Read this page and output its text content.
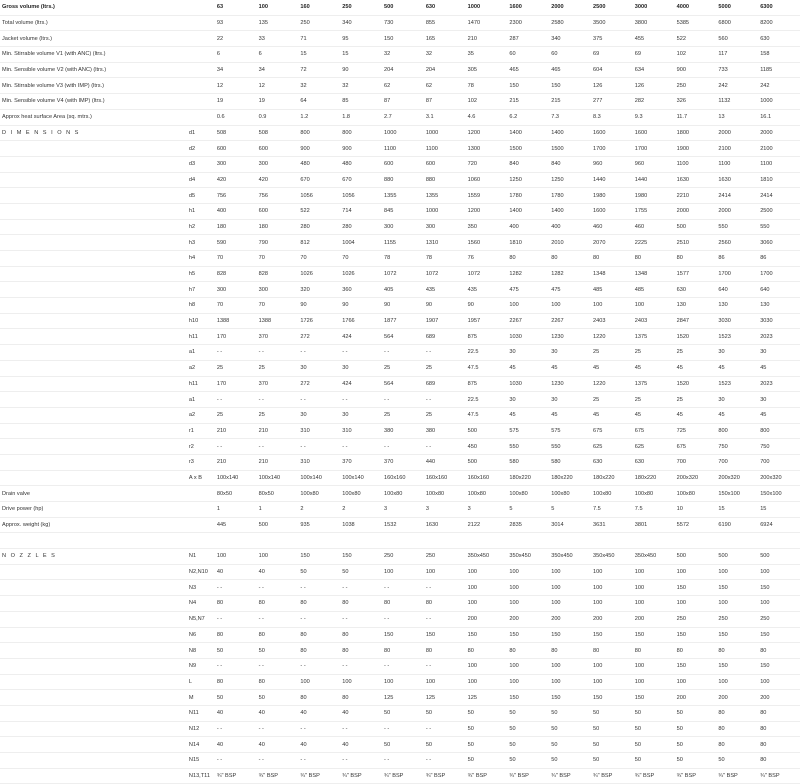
Gross volume (ltrs.)		63	100	160	250	500	630	1000	1600	2000	2500	3000	4000	5000	6300
Total volume (ltrs.)		93	135	250	340	730	855	1470	2300	2580	3500	3800	5385	6800	8200
Jacket volume (ltrs.)		22	33	71	95	150	165	210	287	340	375	455	522	560	630
Min. Stirrable volume V1 (with ANC) (ltrs.)		6	6	15	15	32	32	35	60	60	69	69	102	117	158
Min. Sensible volume V2 (with ANC) (ltrs.)		34	34	72	90	204	204	305	465	465	604	634	900	733	1185
Min. Stirrable volume V3 (with IMP) (ltrs.)		12	12	32	32	62	62	78	150	150	126	126	250	242	242
Min. Sensible volume V4 (with IMP) (ltrs.)		19	19	64	85	87	87	102	215	215	277	282	326	1132	1000
Approx heat surface Area (sq. mtrs.)		0.6	0.9	1.2	1.8	2.7	3.1	4.6	6.2	7.3	8.3	9.3	11.7	13	16.1
D I M E N S I O N S	d1	508	508	800	800	1000	1000	1200	1400	1400	1600	1600	1800	2000	2000
	d2	600	600	900	900	1100	1100	1300	1500	1500	1700	1700	1900	2100	2100
	d3	300	300	480	480	600	600	720	840	840	960	960	1100	1100	1100
	d4	420	420	670	670	880	880	1060	1250	1250	1440	1440	1630	1630	1810
	d5	756	756	1056	1056	1355	1355	1559	1780	1780	1980	1980	2210	2414	2414
	h1	400	600	522	714	845	1000	1200	1400	1400	1600	1755	2000	2000	2500
	h2	180	180	280	280	300	300	350	400	400	460	460	500	550	550
	h3	590	790	812	1004	1155	1310	1560	1810	2010	2070	2225	2510	2560	3060
	h4	70	70	70	70	78	78	76	80	80	80	80	80	86	86
	h5	828	828	1026	1026	1072	1072	1072	1282	1282	1348	1348	1577	1700	1700
	h7	300	300	320	360	405	435	435	475	475	485	485	630	640	640
	h8	70	70	90	90	90	90	90	100	100	100	100	130	130	130
	h10	1388	1388	1726	1766	1877	1907	1957	2267	2267	2403	2403	2847	3030	3030
	h11	170	370	272	424	564	689	875	1030	1230	1220	1375	1520	1523	2023
	a1	- -	- -	- -	- -	- -	- -	22.5	30	30	25	25	25	30	30
	a2	25	25	30	30	25	25	47.5	45	45	45	45	45	45	45
	h11	170	370	272	424	564	689	875	1030	1230	1220	1375	1520	1523	2023
	a1	- -	- -	- -	- -	- -	- -	22.5	30	30	25	25	25	30	30
	a2	25	25	30	30	25	25	47.5	45	45	45	45	45	45	45
	r1	210	210	310	310	380	380	500	575	575	675	675	725	800	800
	r2	- -	- -	- -	- -	- -	- -	450	550	550	625	625	675	750	750
	r3	210	210	310	370	370	440	500	580	580	630	630	700	700	700
	A x B	100x140	100x140	100x140	100x140	160x160	160x160	160x160	180x220	180x220	180x220	180x220	200x320	200x320	200x320
Drain valve		80x50	80x50	100x80	100x80	100x80	100x80	100x80	100x80	100x80	100x80	100x80	100x80	150x100	150x100
Drive power (hp)		1	1	2	2	3	3	3	5	5	7.5	7.5	10	15	15
Approx. weight (kg)		445	500	935	1038	1532	1630	2122	2835	3014	3631	3801	5572	6190	6924

N O Z Z L E S	N1	100	100	150	150	250	250	350x450	350x450	350x450	350x450	350x450	500	500	500
	N2,N10	40	40	50	50	100	100	100	100	100	100	100	100	100	100
	N3	- -	- -	- -	- -	- -	- -	100	100	100	100	100	150	150	150
	N4	80	80	80	80	80	80	100	100	100	100	100	100	100	100
	N5,N7	- -	- -	- -	- -	- -	- -	200	200	200	200	200	250	250	250
	N6	80	80	80	80	150	150	150	150	150	150	150	150	150	150
	N8	50	50	80	80	80	80	80	80	80	80	80	80	80	80
	N9	- -	- -	- -	- -	- -	- -	100	100	100	100	100	150	150	150
	L	80	80	100	100	100	100	100	100	100	100	100	100	100	100
	M	50	50	80	80	125	125	125	150	150	150	150	200	200	200
	N11	40	40	40	40	50	50	50	50	50	50	50	50	80	80
	N12	- -	- -	- -	- -	- -	- -	50	50	50	50	50	50	80	80
	N14	40	40	40	40	50	50	50	50	50	50	50	50	80	80
	N15	- -	- -	- -	- -	- -	- -	50	50	50	50	50	50	50	80
	N13,T11	¾" BSP	¾" BSP	¾" BSP	¾" BSP	¾" BSP	¾" BSP	¾" BSP	¾" BSP	¾" BSP	¾" BSP	¾" BSP	¾" BSP	¾" BSP	¾" BSP
